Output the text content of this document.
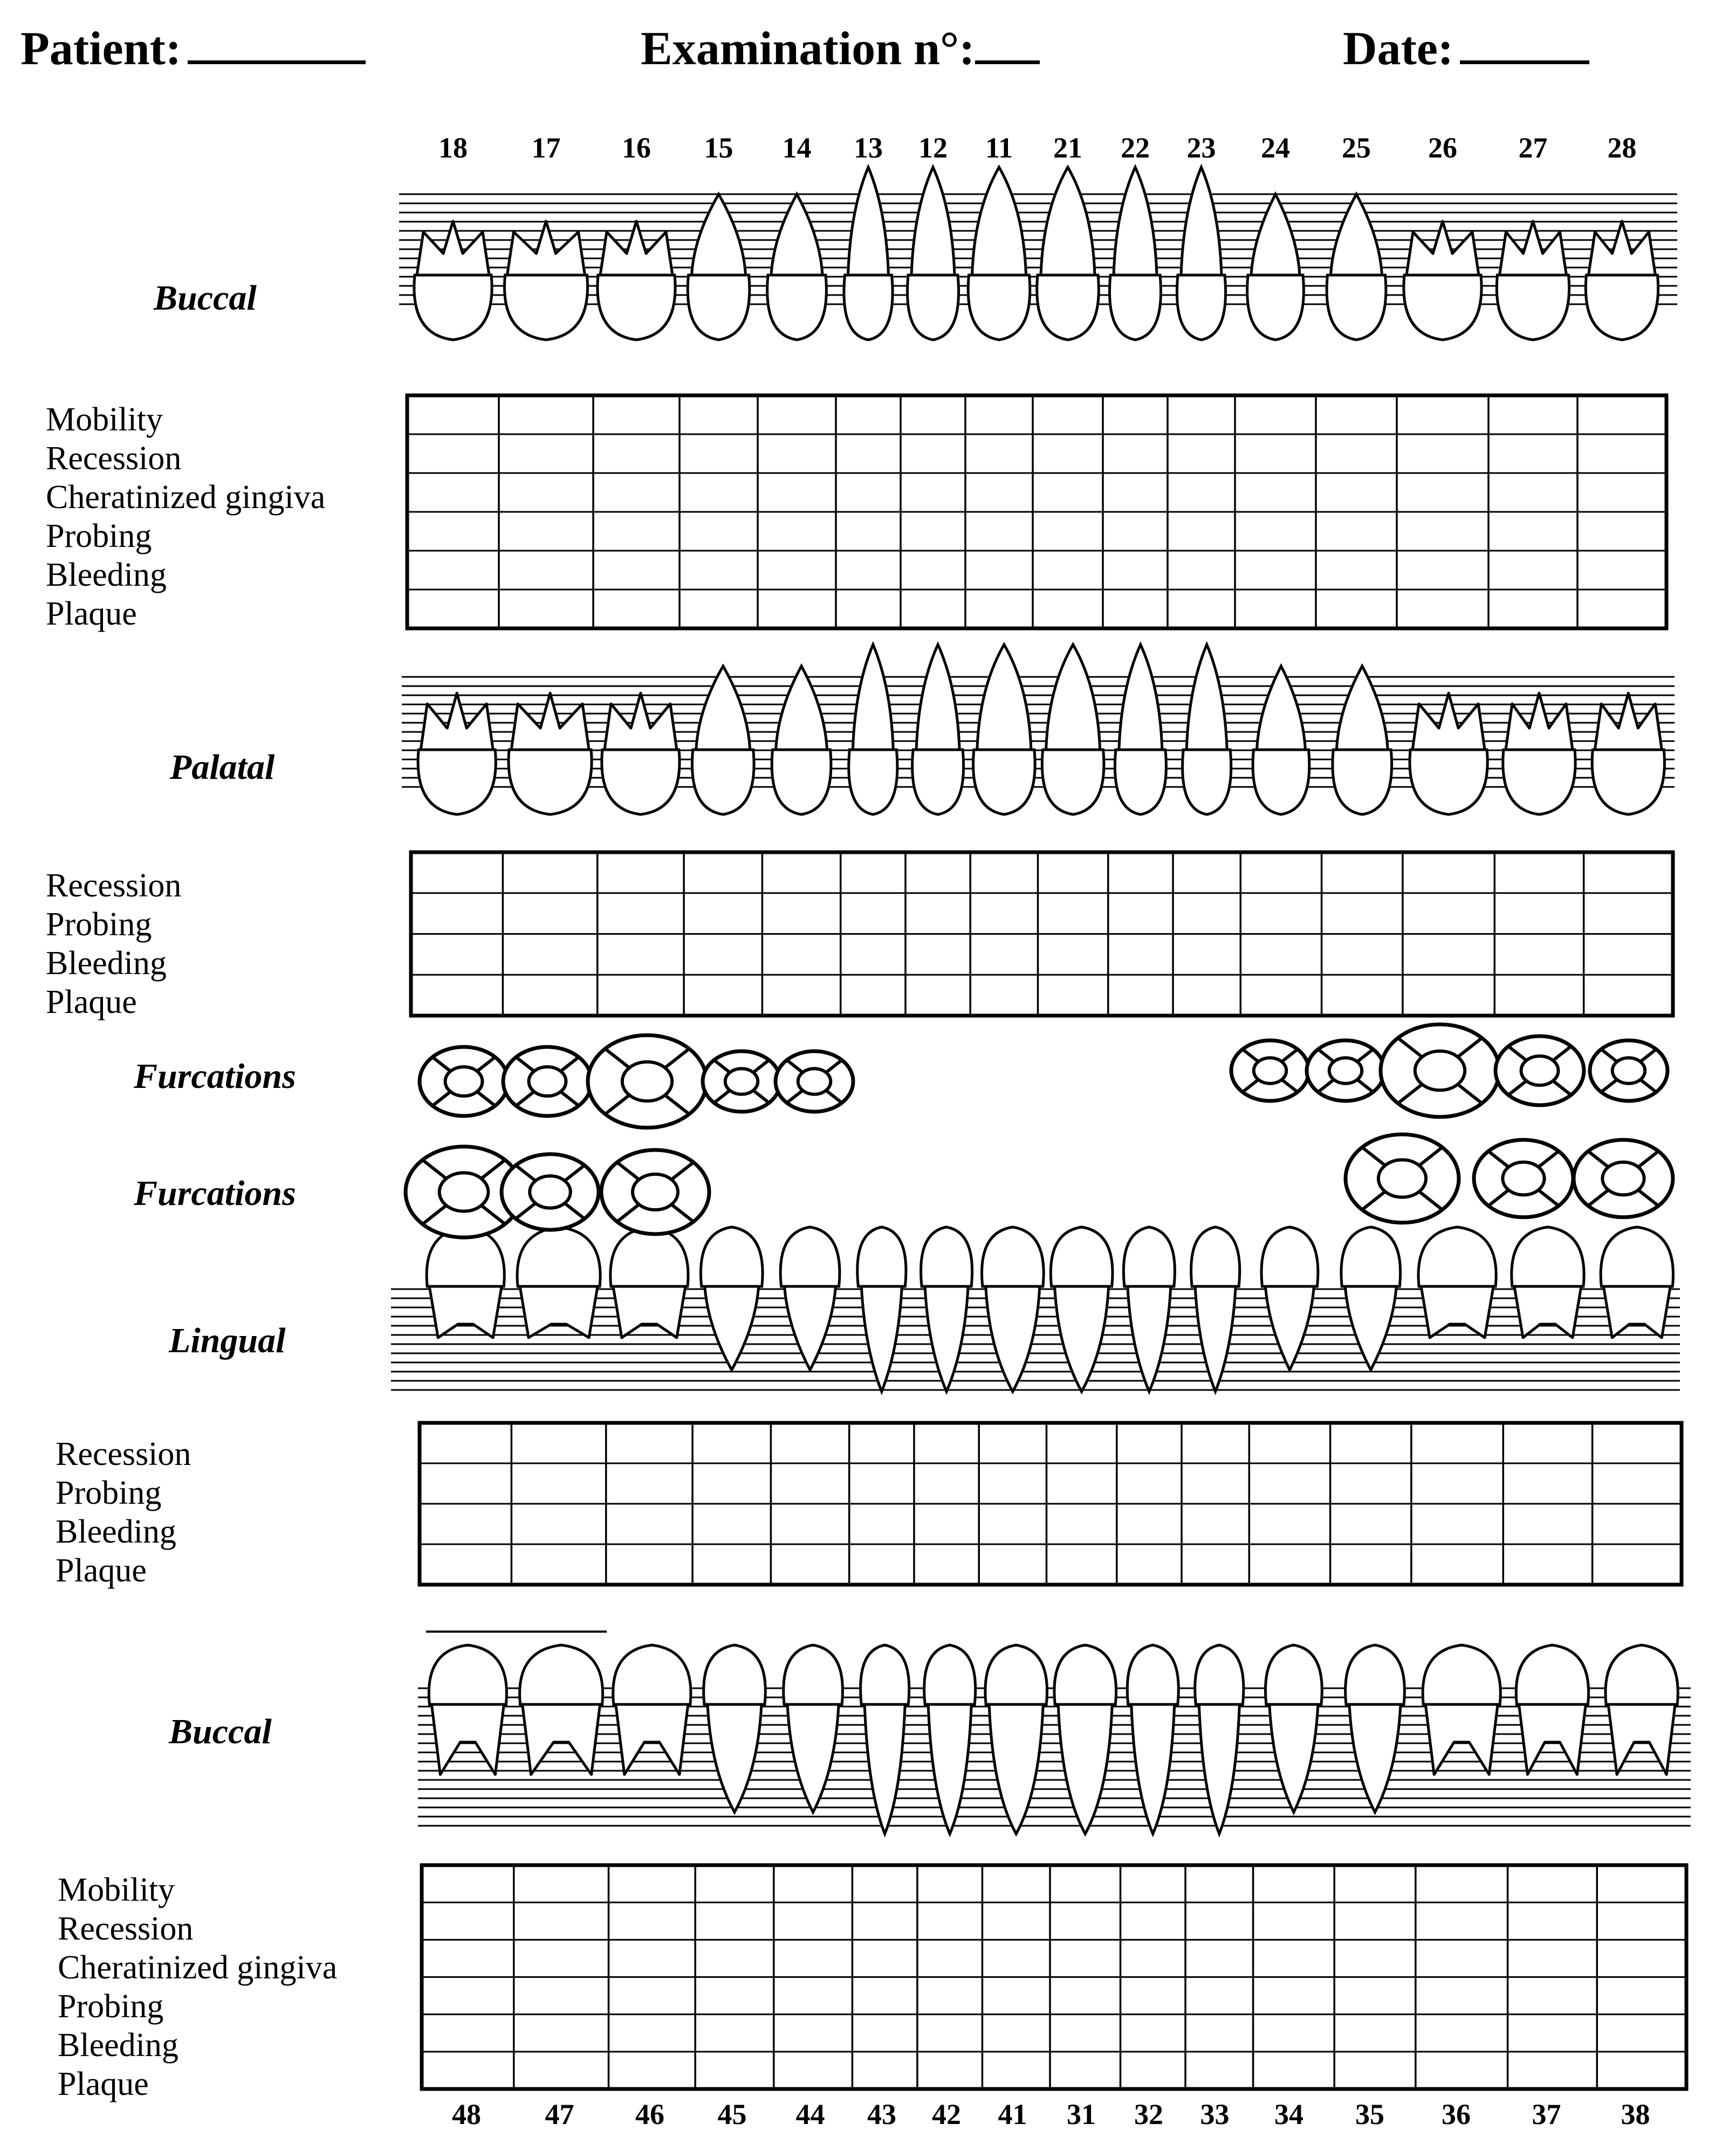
Patient:	Examination n°:	Date:
Buccal
Palatal
Furcations
Furcations
Lingual
Buccal
Mobility
Recession
Cheratinized gingiva
Probing
Bleeding
Plaque
Recession
Probing
Bleeding
Plaque
Recession
Probing
Bleeding
Plaque
Mobility
Recession
Cheratinized gingiva
Probing
Bleeding
Plaque
18 17 16 15 14 13 12 11 21 22 23 24 25 26 27 28
48 47 46 45 44 43 42 41 31 32 33 34 35 36 37 38
